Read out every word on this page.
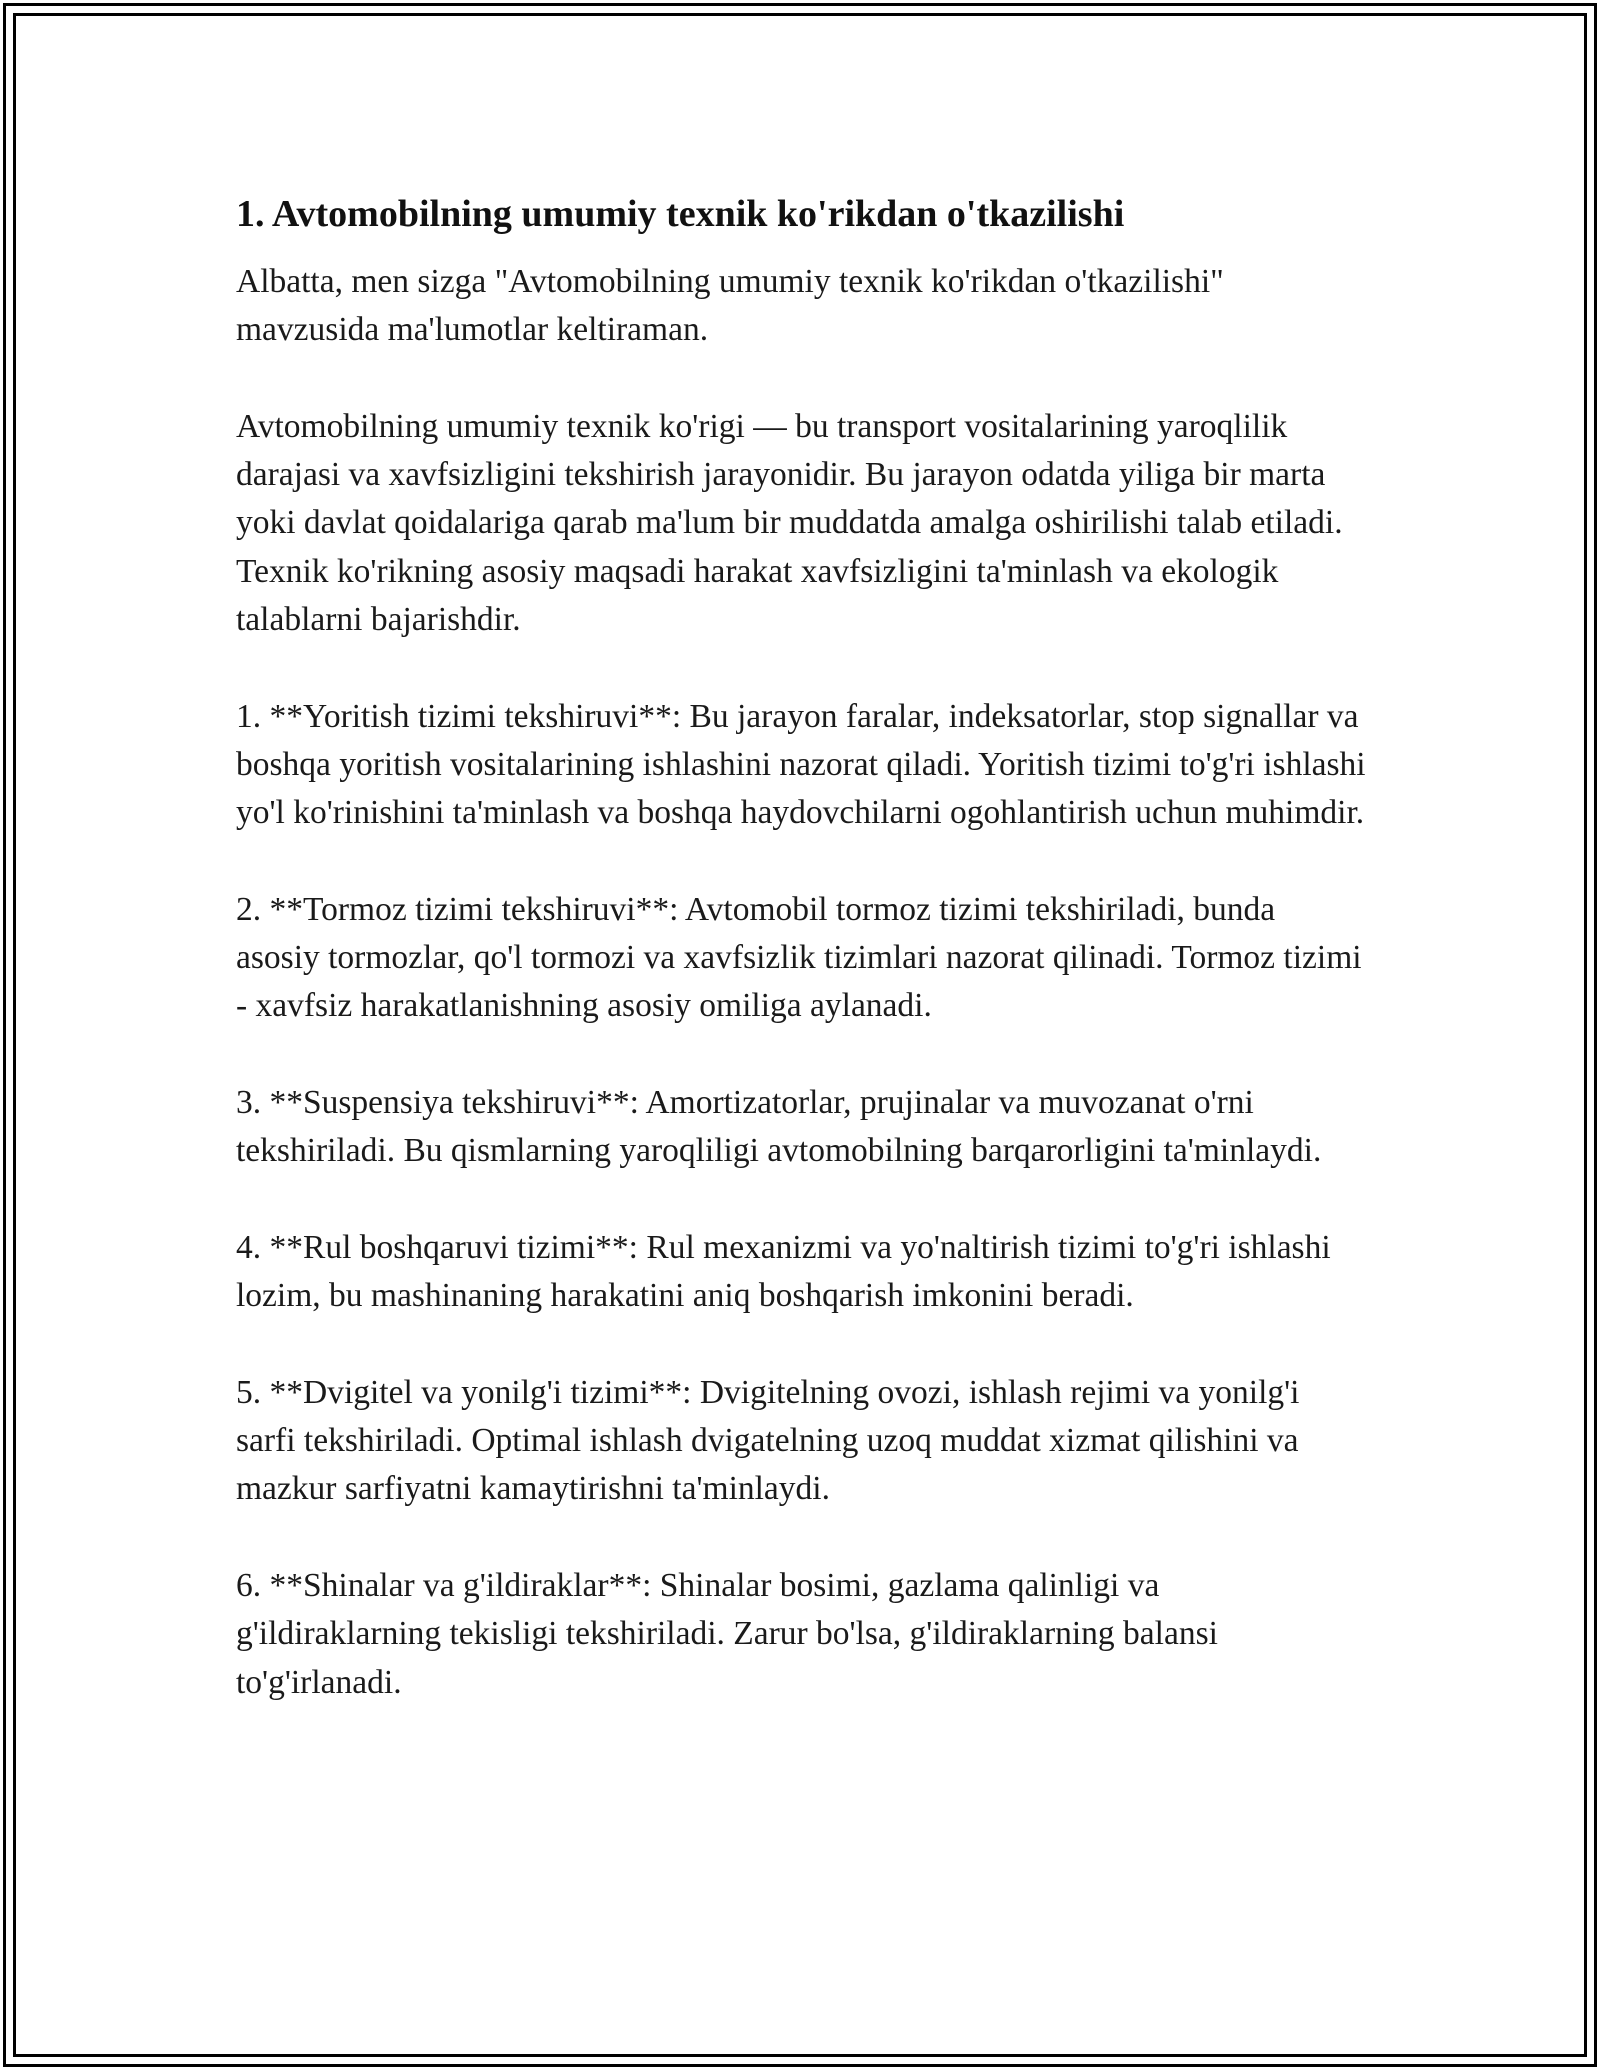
1. Avtomobilning umumiy texnik ko'rikdan o'tkazilishi

Albatta, men sizga "Avtomobilning umumiy texnik ko'rikdan o'tkazilishi" mavzusida ma'lumotlar keltiraman.

Avtomobilning umumiy texnik ko'rigi — bu transport vositalarining yaroqlilik darajasi va xavfsizligini tekshirish jarayonidir. Bu jarayon odatda yiliga bir marta yoki davlat qoidalariga qarab ma'lum bir muddatda amalga oshirilishi talab etiladi. Texnik ko'rikning asosiy maqsadi harakat xavfsizligini ta'minlash va ekologik talablarni bajarishdir.

1. **Yoritish tizimi tekshiruvi**: Bu jarayon faralar, indeksatorlar, stop signallar va boshqa yoritish vositalarining ishlashini nazorat qiladi. Yoritish tizimi to'g'ri ishlashi yo'l ko'rinishini ta'minlash va boshqa haydovchilarni ogohlantirish uchun muhimdir.

2. **Tormoz tizimi tekshiruvi**: Avtomobil tormoz tizimi tekshiriladi, bunda asosiy tormozlar, qo'l tormozi va xavfsizlik tizimlari nazorat qilinadi. Tormoz tizimi - xavfsiz harakatlanishning asosiy omiliga aylanadi.

3. **Suspensiya tekshiruvi**: Amortizatorlar, prujinalar va muvozanat o'rni tekshiriladi. Bu qismlarning yaroqliligi avtomobilning barqarorligini ta'minlaydi.

4. **Rul boshqaruvi tizimi**: Rul mexanizmi va yo'naltirish tizimi to'g'ri ishlashi lozim, bu mashinaning harakatini aniq boshqarish imkonini beradi.

5. **Dvigitel va yonilg'i tizimi**: Dvigitelning ovozi, ishlash rejimi va yonilg'i sarfi tekshiriladi. Optimal ishlash dvigatelning uzoq muddat xizmat qilishini va mazkur sarfiyatni kamaytirishni ta'minlaydi.

6. **Shinalar va g'ildiraklar**: Shinalar bosimi, gazlama qalinligi va g'ildiraklarning tekisligi tekshiriladi. Zarur bo'lsa, g'ildiraklarning balansi to'g'irlanadi.
